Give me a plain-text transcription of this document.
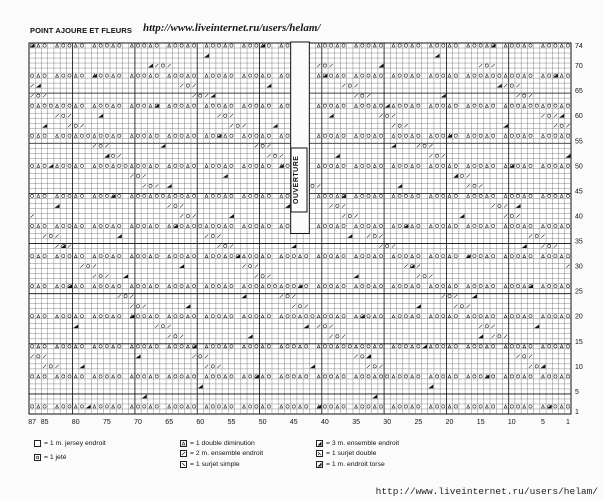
POINT AJOURE ET FLEURS http://www.liveinternet.ru/users/helam/
87 85	80	75	70	65	60	55	50	45	40	35	30	25	20	15	10	5	1
74
70
65
60
55
50
45
40
35
30
25
20
15
10
5
1
OUVERTURE
= 1 m. jersey endroit
= 1 jeté
= 1 double diminution
= 2 m. ensemble endroit
= 1 surjet simple
= 3 m. ensemble endroit
= 1 surjet double
= 1 m. endroit torse
http://www.liveinternet.ru/users/helam/
